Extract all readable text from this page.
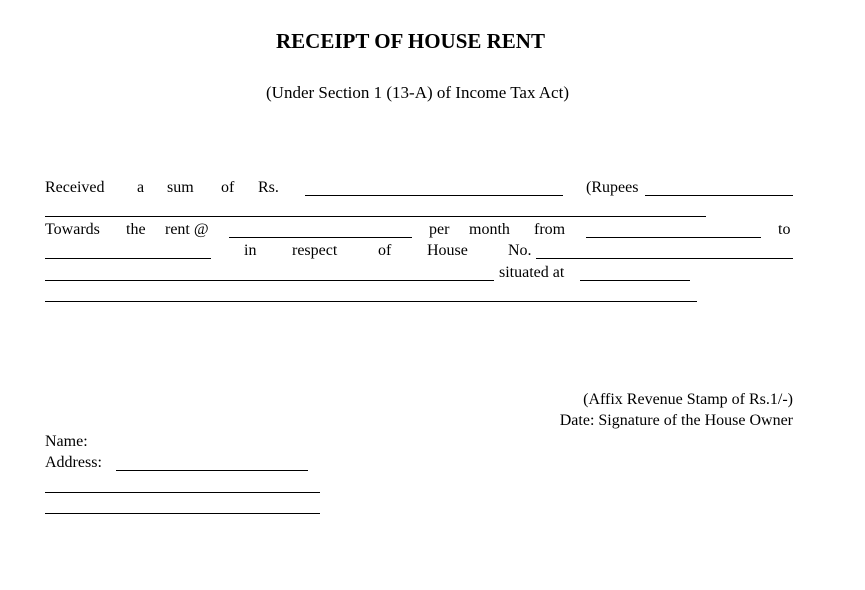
RECEIPT OF HOUSE RENT
(Under Section 1 (13-A) of Income Tax Act)
Received a sum of Rs.	(Rupees
Towards the rent @	per month from	to
in respect	of House	No.
situated at
(Affix Revenue Stamp of Rs.1/-)
Date: Signature of the House Owner
Name:
Address:
